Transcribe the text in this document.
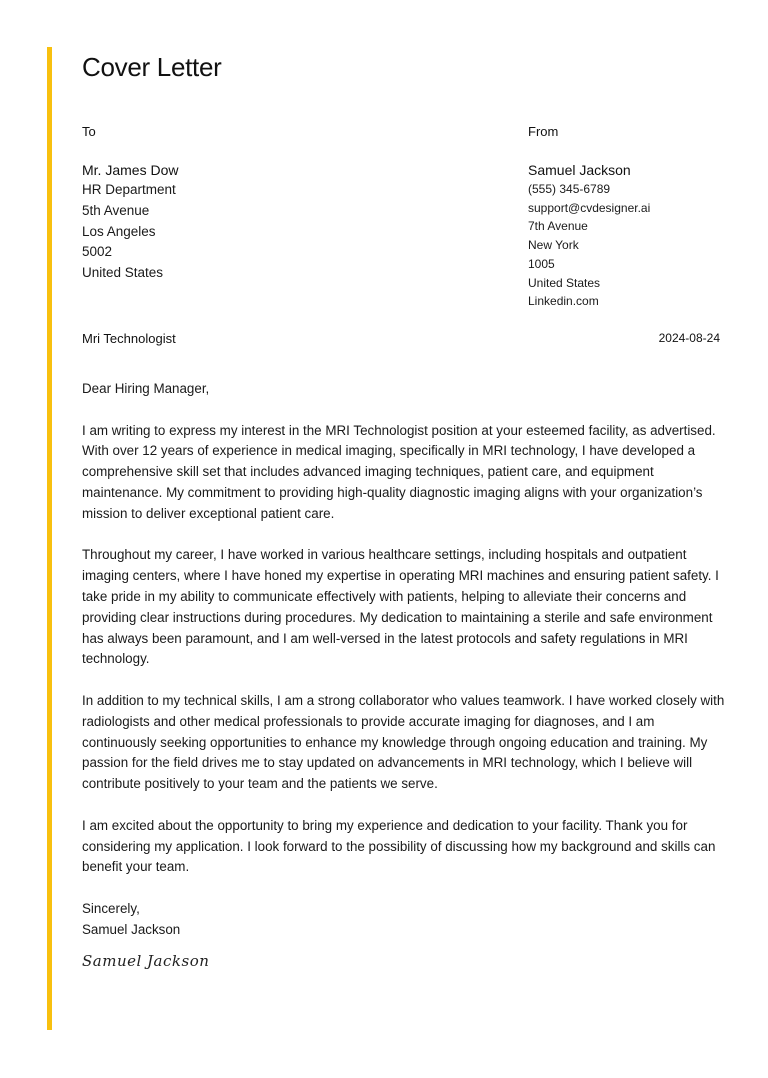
Cover Letter
To
Mr. James Dow
HR Department
5th Avenue
Los Angeles
5002
United States
From
Samuel Jackson
(555) 345-6789
support@cvdesigner.ai
7th Avenue
New York
1005
United States
Linkedin.com
Mri Technologist	2024-08-24

Dear Hiring Manager,

I am writing to express my interest in the MRI Technologist position at your esteemed facility, as advertised. With over 12 years of experience in medical imaging, specifically in MRI technology, I have developed a comprehensive skill set that includes advanced imaging techniques, patient care, and equipment maintenance. My commitment to providing high-quality diagnostic imaging aligns with your organization’s mission to deliver exceptional patient care.

Throughout my career, I have worked in various healthcare settings, including hospitals and outpatient imaging centers, where I have honed my expertise in operating MRI machines and ensuring patient safety. I take pride in my ability to communicate effectively with patients, helping to alleviate their concerns and providing clear instructions during procedures. My dedication to maintaining a sterile and safe environment has always been paramount, and I am well-versed in the latest protocols and safety regulations in MRI technology.

In addition to my technical skills, I am a strong collaborator who values teamwork. I have worked closely with radiologists and other medical professionals to provide accurate imaging for diagnoses, and I am continuously seeking opportunities to enhance my knowledge through ongoing education and training. My passion for the field drives me to stay updated on advancements in MRI technology, which I believe will contribute positively to your team and the patients we serve.

I am excited about the opportunity to bring my experience and dedication to your facility. Thank you for considering my application. I look forward to the possibility of discussing how my background and skills can benefit your team.

Sincerely,
Samuel Jackson
Samuel Jackson
